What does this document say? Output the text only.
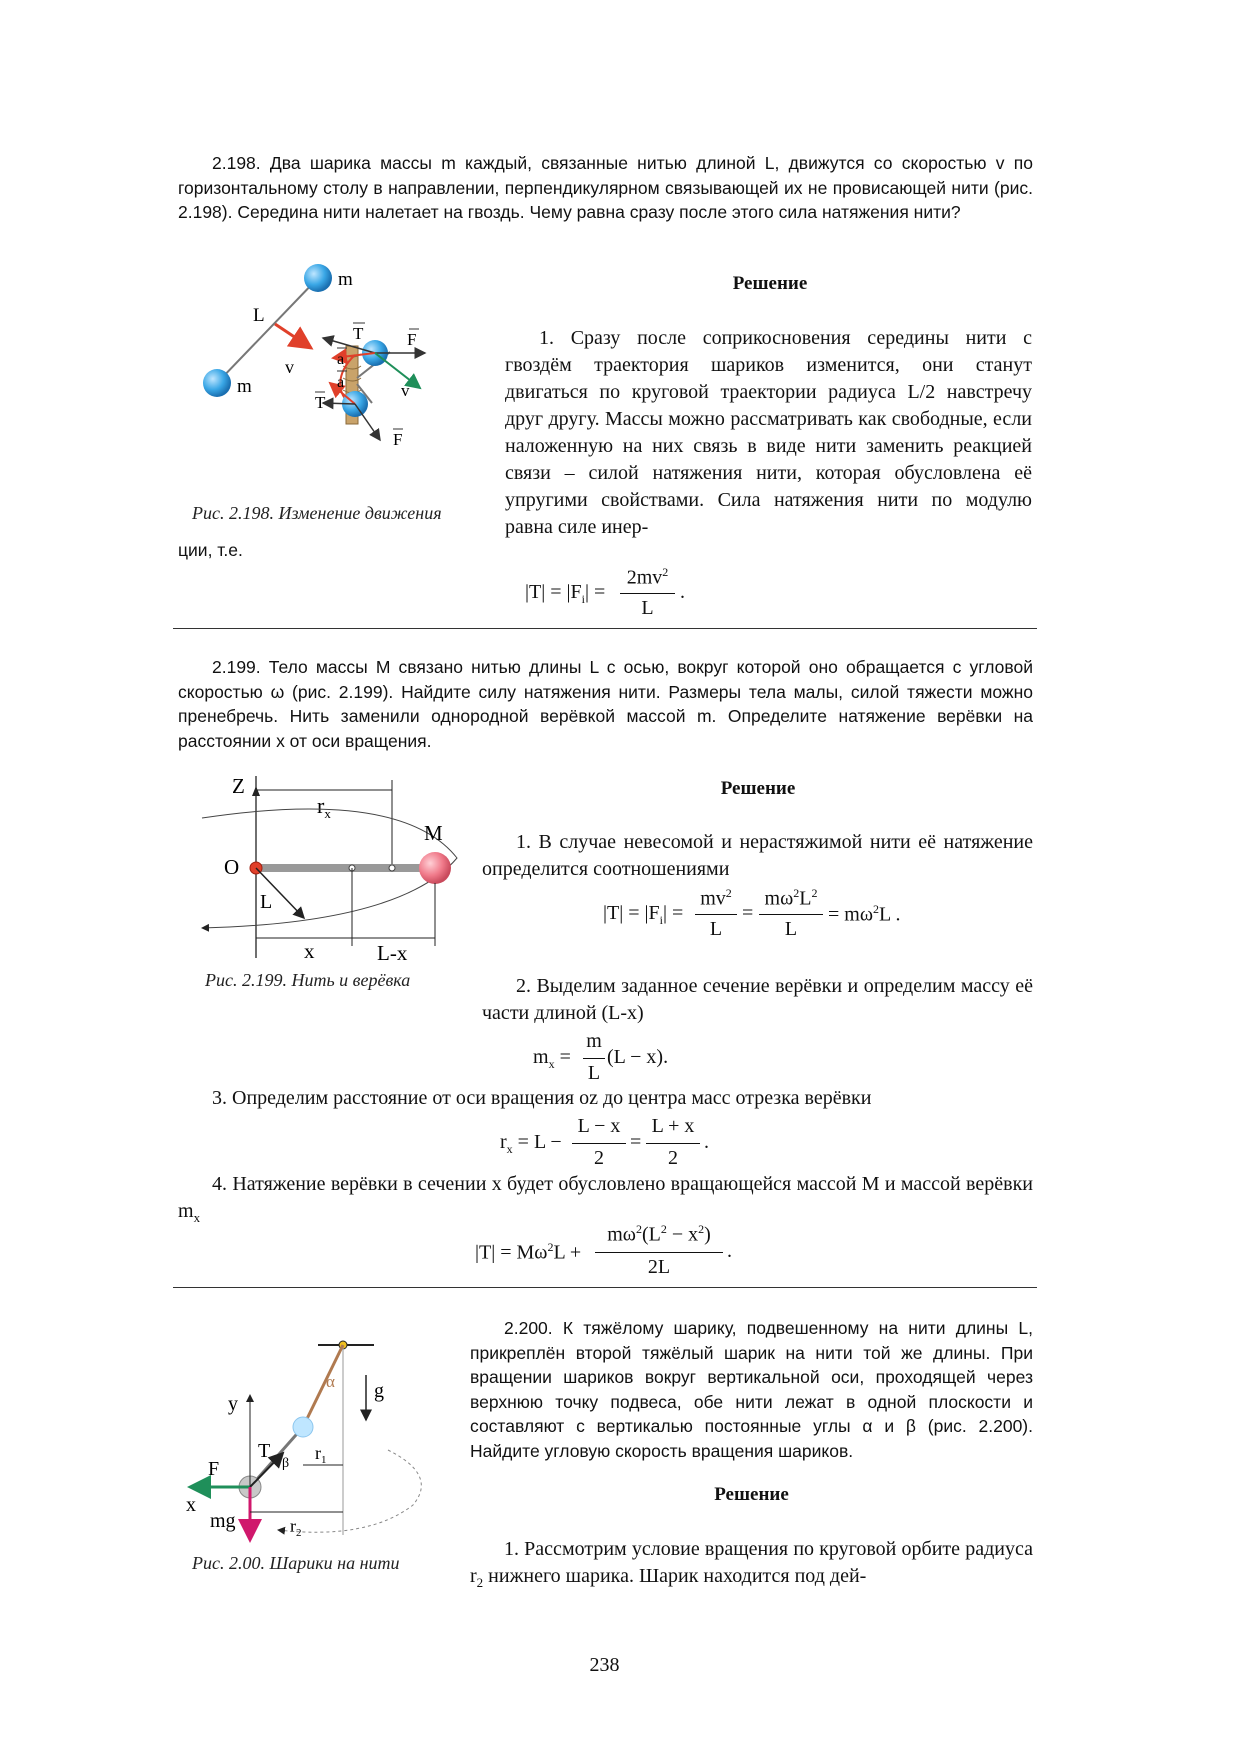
2.198. Два шарика массы m каждый, связанные нитью длиной L, движутся со скоростью v по горизонтальному столу в направлении, перпендикулярном связывающей их не провисающей нити (рис. 2.198). Середина нити налетает на гвоздь. Чему равна сразу после этого сила натяжения нити?
m
m
L
v
T	F
a
a	v
T
F
Рис. 2.198. Изменение движения
Решение
1. Сразу после соприкосновения середины нити с гвоздём траектория шариков изменится, они станут двигаться по круговой траектории радиуса L/2 навстречу друг другу. Массы можно рассматривать как свободные, если наложенную на них связь в виде нити заменить реакцией связи – силой натяжения нити, которая обусловлена её упругими свойствами. Сила натяжения нити по модулю равна силе инер-
ции, т.е.
$|T| = |F_i|$ =
$2mv^2$
L
.
2.199. Тело массы M связано нитью длины L с осью, вокруг которой оно обращается с угловой скоростью ω (рис. 2.199). Найдите силу натяжения нити. Размеры тела малы, силой тяжести можно пренебречь. Нить заменили однородной верёвкой массой m. Определите натяжение верёвки на расстоянии x от оси вращения.
Z
$r_x$
O
M
L
x	L-x
Рис. 2.199. Нить и верёвка
Решение
1. В случае невесомой и нерастяжимой нити её натяжение определится соотношениями
$|T| = |F_i|$ =
$mv^2$
L
=
$m\omega^2L^2$
L
= $m\omega^2L$ .
2. Выделим заданное сечение верёвки и определим массу её части длиной (L-x)
$m_x$ =
m
L
(L − x).
3. Определим расстояние от оси вращения oz до центра масс отрезка верёвки
$r_x = L$ −
L − x
2
=
L + x
2
.
4. Натяжение верёвки в сечении x будет обусловлено вращающейся массой M и массой верёвки $m_x$
$|T| = M\omega^2L$ +
$m\omega^2(L^2 - x^2)$
2L
.
α g
y
x
F
T
β
mg
$r_1$
$r_2$
Рис. 2.00. Шарики на нити
2.200. К тяжёлому шарику, подвешенному на нити длины L, прикреплён второй тяжёлый шарик на нити той же длины. При вращении шариков вокруг вертикальной оси, проходящей через верхнюю точку подвеса, обе нити лежат в одной плоскости и составляют с вертикалью постоянные углы α и β (рис. 2.200). Найдите угловую скорость вращения шариков.
Решение
1. Рассмотрим условие вращения по круговой орбите радиуса $r_2$ нижнего шарика. Шарик находится под дей-
238
